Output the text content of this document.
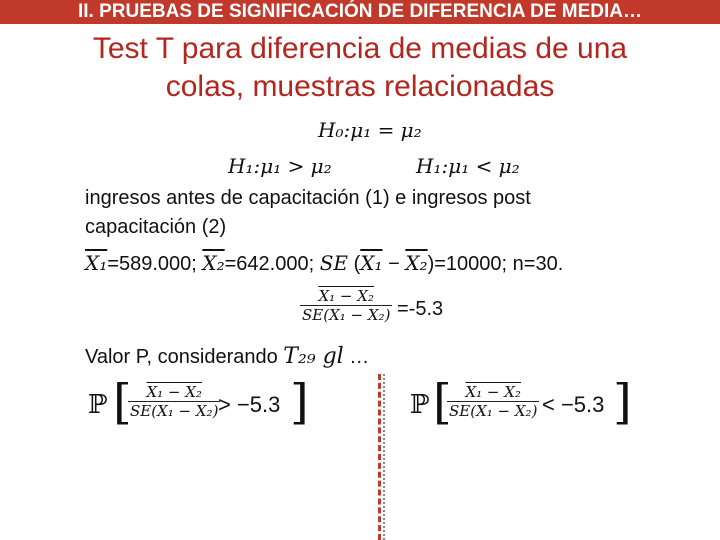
II. PRUEBAS DE SIGNIFICACIÓN DE DIFERENCIA DE MEDIA…
Test T para diferencia de medias de una
colas, muestras relacionadas
H₀:μ₁ = μ₂
H₁:μ₁ > μ₂	H₁:μ₁ < μ₂
ingresos antes de capacitación (1) e ingresos post
capacitación (2)
X₁=589.000; X₂=642.000; SE (X₁ − X₂)=10000; n=30.
$\frac{\text{X₁ − X₂}}{\text{SE(X₁ − X₂)}} =-5.3$
Valor P, considerando T₂₉ gl …
ℙ [
$\frac{\text{X₁ − X₂}}{\text{SE(X₁ − X₂)}}$
> −5.3 ]	ℙ [
$\frac{\text{X₁ − X₂}}{\text{SE(X₁ − X₂)}} < -5.3$ ]
